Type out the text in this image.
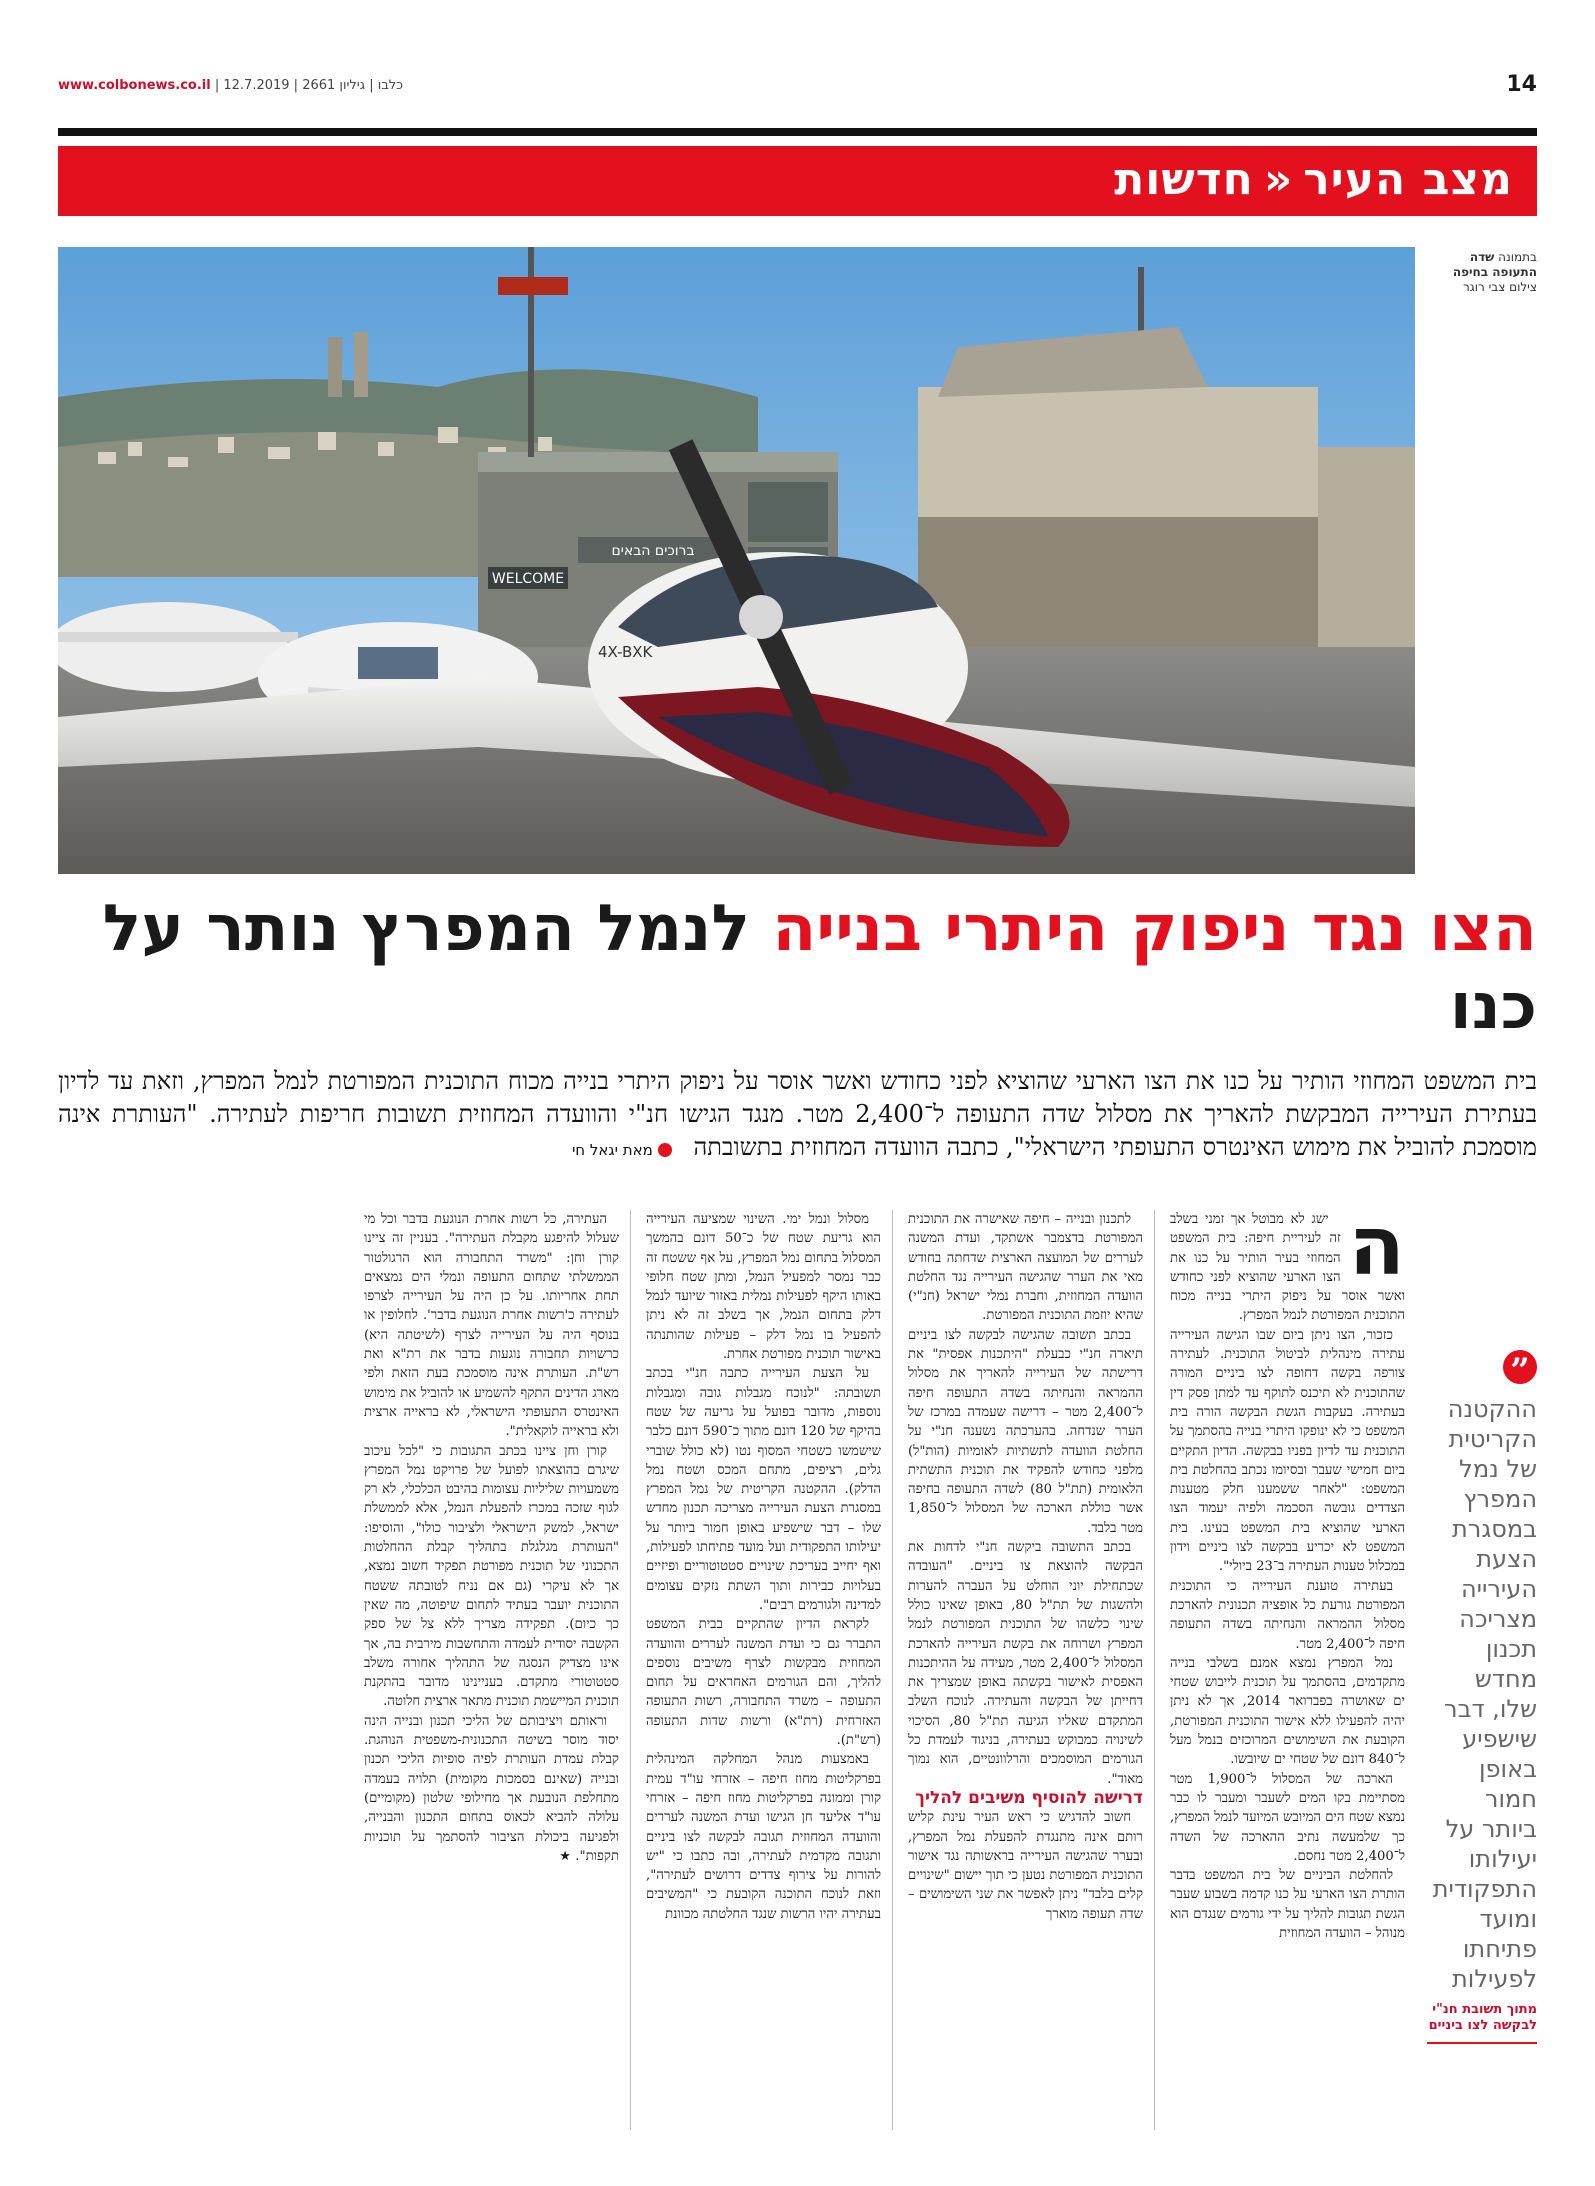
www.colbonews.co.il | כלבו | גיליון 2661 | 12.7.2019	14
מצב העיר«חדשות
WELCOME
ברוכים הבאים
4X-BXK
בתמונה שדה התעופה בחיפה
צילום צבי רוגר
הצו נגד ניפוק היתרי בנייה לנמל המפרץ נותר על כנו
בית המשפט המחוזי הותיר על כנו את הצו הארעי שהוציא לפני כחודש ואשר אוסר על ניפוק היתרי בנייה מכוח התוכנית המפורטת לנמל המפרץ, וזאת עד לדיון בעתירת העירייה המבקשת להאריך את מסלול שדה התעופה ל־2,400 מטר. מנגד הגישו חנ"י והוועדה המחוזית תשובות חריפות לעתירה. "העותרת אינה מוסמכת להוביל את מימוש האינטרס התעופתי הישראלי", כתבה הוועדה המחוזית בתשובתה מאת יגאל חי
ה

ישג לא מבוטל אך זמני בשלב זה לעיריית חיפה: בית המשפט המחוזי בעיר הותיר על כנו את הצו הארעי שהוציא לפני כחודש ואשר אוסר על ניפוק היתרי בנייה מכוח התוכנית המפורטת לנמל המפרץ.

כזכור, הצו ניתן ביום שבו הגישה העירייה עתירה מינהלית לביטול התוכנית. לעתירה צורפה בקשה דחופה לצו ביניים המורה שהתוכנית לא תיכנס לתוקף עד למתן פסק דין בעתירה. בעקבות הגשת הבקשה הורה בית המשפט כי לא ינופקו היתרי בנייה בהסתמך על התוכנית עד לדיון בפניו בבקשה. הדיון התקיים ביום חמישי שעבר ובסיומו נכתב בהחלטת בית המשפט: "לאחר ששמענו חלק מטענות הצדדים גובשה הסכמה ולפיה יעמוד הצו הארעי שהוציא בית המשפט בעינו. בית המשפט לא יכריע בבקשה לצו ביניים וידון במכלול טענות העתירה ב־23 ביולי".

בעתירה טוענת העירייה כי התוכנית המפורטת גורעת כל אופציה תכנונית להארכת מסלול ההמראה והנחיתה בשדה התעופה חיפה ל־2,400 מטר.

נמל המפרץ נמצא אמנם בשלבי בנייה מתקדמים, בהסתמך על תוכנית לייבוש שטחי ים שאושרה בפברואר 2014, אך לא ניתן יהיה להפעילו ללא אישור התוכנית המפורטת, הקובעת את השימושים המרוכזים בנמל מעל ל־840 דונם של שטחי ים שיובשו.

הארכה של המסלול ל־1,900 מטר מסתיימת בקו המים לשעבר ומעבר לו כבר נמצא שטח הים המיובש המיועד לנמל המפרץ, כך שלמעשה נתיב ההארכה של השדה ל־2,400 מטר נחסם.

להחלטת הביניים של בית המשפט בדבר הותרת הצו הארעי על כנו קדמה בשבוע שעבר הגשת תגובות להליך על ידי גורמים שנגדם הוא מנוהל – הוועדה המחוזית

לתכנון ובנייה – חיפה שאישרה את התוכנית המפורטת בדצמבר אשתקד, ועדת המשנה לעררים של המועצה הארצית שדחתה בחודש מאי את הערר שהגישה העירייה נגד החלטת הוועדה המחוזית, וחברת נמלי ישראל (חנ"י) שהיא יוזמת התוכנית המפורטת.

בכתב תשובה שהגישה לבקשה לצו ביניים תיארה חנ"י כבעלת "היתכנות אפסית" את דרישתה של העירייה להאריך את מסלול ההמראה והנחיתה בשדה התעופה חיפה ל־2,400 מטר – דרישה שעמדה במרכז של הערר שנדחה. בהערכתה נשענה חנ"י על החלטת הוועדה לתשתיות לאומיות (הות"ל) מלפני כחודש להפקיד את תוכנית התשתית הלאומית (תת"ל 80) לשדה התעופה בחיפה אשר כוללת הארכה של המסלול ל־1,850 מטר בלבד.

בכתב התשובה ביקשה חנ"י לדחות את הבקשה להוצאת צו ביניים. "העובדה שכתחילת יוני הוחלט על העברה להערות ולהשגות של תת"ל 80, באופן שאינו כולל שינוי כלשהו של התוכנית המפורטת לנמל המפרץ ושרוחה את בקשת העירייה להארכת המסלול ל־2,400 מטר, מעידה על ההיתכנות האפסית לאישור בקשתה באופן שמצריך את דחייתן של הבקשה והעתירה. לנוכח השלב המתקדם שאליו הגיעה תת"ל 80, הסיכוי לשינויה כמבוקש בעתירה, בניגוד לעמדת כל הגורמים המוסמכים והרלוונטיים, הוא נמוך מאוד".

דרישה להוסיף משיבים להליך

חשוב להדגיש כי ראש העיר עינת קליש רותם אינה מתנגדת להפעלת נמל המפרץ, ובערר שהגישה העירייה בראשותה נגד אישור התוכנית המפורטת נטען כי תוך יישום "שינויים קלים בלבד" ניתן לאפשר את שני השימושים – שדה תעופה מוארך

מסלול ונמל ימי. השינוי שמציעה העירייה הוא גריעת שטח של כ־50 דונם בהמשך המסלול בתחום נמל המפרץ, על אף ששטח זה כבר נמסר למפעיל הנמל, ומתן שטח חלופי באותו היקף לפעילות נמלית באזור שיועד לנמל דלק בתחום הנמל, אך בשלב זה לא ניתן להפעיל בו נמל דלק – פעילות שהותנתה באישור תוכנית מפורטת אחרת.

על הצעת העירייה כתבה חנ"י בכתב תשובתה: "לנוכח מגבלות גובה ומגבלות נוספות, מדובר בפועל על גריעה של שטח בהיקף של 120 דונם מתוך כ־590 דונם כלבר שישמשו כשטחי המסוף נטו (לא כולל שוברי גלים, רציפים, מתחם המכס ושטח נמל הדלק). ההקטנה הקריטית של נמל המפרץ במסגרת הצעת העירייה מצריכה תכנון מחדש שלו – דבר שישפיע באופן חמור ביותר על יעילותו התפקודית ועל מועד פתיחתו לפעילות, ואף יחייב בעריכת שינויים סטטוטוריים ופיזיים בעלויות כבירות ותוך השתת נזקים עצומים למדינה ולגורמים רבים".

לקראת הדיון שהתקיים בבית המשפט התברר גם כי ועדת המשנה לעררים והוועדה המחוזית מבקשות לצרף משיבים נוספים להליך, והם הגורמים האחראים על תחום התעופה – משרד התחבורה, רשות התעופה האזרחית (רת"א) ורשות שדות התעופה (רש"ת).

באמצעות מנהל המחלקה המינהלית בפרקליטות מחוז חיפה – אזרחי עו"ד עמית קורן וממונה בפרקליטות מחוז חיפה – אזרחי עו"ד אליעד חן הגישו ועדת המשנה לעררים והוועדה המחוזית תגובה לבקשה לצו ביניים ותגובה מקדמית לעתירה, ובה כתבו כי "יש להורות על צירוף צדדים דרושים לעתירה", וזאת לנוכח התוכנה הקובעת כי "המשיבים בעתירה יהיו הרשות שנגד החלטתה מכוונת

העתירה, כל רשות אחרת הנוגעת בדבר וכל מי שעלול להיפגע מקבלת העתירה". בעניין זה ציינו קורן וחן: "משרד התחבורה הוא הרגולטור הממשלתי שתחום התעופה ונמלי הים נמצאים תחת אחריותו. על כן היה על העירייה לצרפו לעתירה כ'רשות אחרת הנוגעת בדבר'. לחלופין או בנוסף היה על העירייה לצרף (לשיטתה היא) כרשויות תחבורה נוגעות בדבר את רת"א ואת רש"ת. העותרת אינה מוסמכת בעת הזאת ולפי מארג הדינים התקף להשמיע או להוביל את מימוש האינטרס התעופתי הישראלי, לא בראייה ארצית ולא בראייה לוקאלית".

קורן וחן ציינו בכתב התגובות כי "לכל עיכוב שיגרם בהוצאתו לפועל של פרויקט נמל המפרץ משמעויות שליליות עצומות בהיבט הכלכלי, לא רק לגוף שזכה במכרז להפעלת הנמל, אלא לממשלת ישראל, למשק הישראלי ולציבור כולו", והוסיפו: "העותרת מגלגלת בתהליך קבלת ההחלטות התכנוני של תוכנית מפורטת תפקיד חשוב נמצא, אך לא עיקרי (גם אם נניח לטובתה ששטח התוכנית יועבר בעתיד לתחום שיפוטה, מה שאין כך כיום). תפקידה מצריך ללא צל של ספק הקשבה יסודית לעמדה והתחשבות מירבית בה, אך אינו מצדיק הנסגה של התהליך אחורה משלב סטטוטורי מתקדם. בעניינינו מדובר בהתקנת תוכנית המיישמת תוכנית מתאר ארצית חלוטה.

וראותם ויציבותם של הליכי תכנון ובנייה הינה יסוד מוסר בשיטה התכנונית-משפטית הנוהגת. קבלת עמדת העותרת לפיה סופיות הליכי תכנון ובנייה (שאינם בסמכות מקומית) תלויה בעמדה מתחלפת הנובעת אך מחילופי שלטון (מקומיים) עלולה להביא לכאוס בתחום התכנון והבנייה, ולפגיעה ביכולת הציבור להסתמך על תוכניות תקפות". ★

”
ההקטנה הקריטית של נמל המפרץ במסגרת הצעת העירייה מצריכה תכנון מחדש שלו, דבר שישפיע באופן חמור ביותר על יעילותו התפקודית ומועד פתיחתו לפעילות
מתוך תשובת חנ"י לבקשה לצו ביניים
